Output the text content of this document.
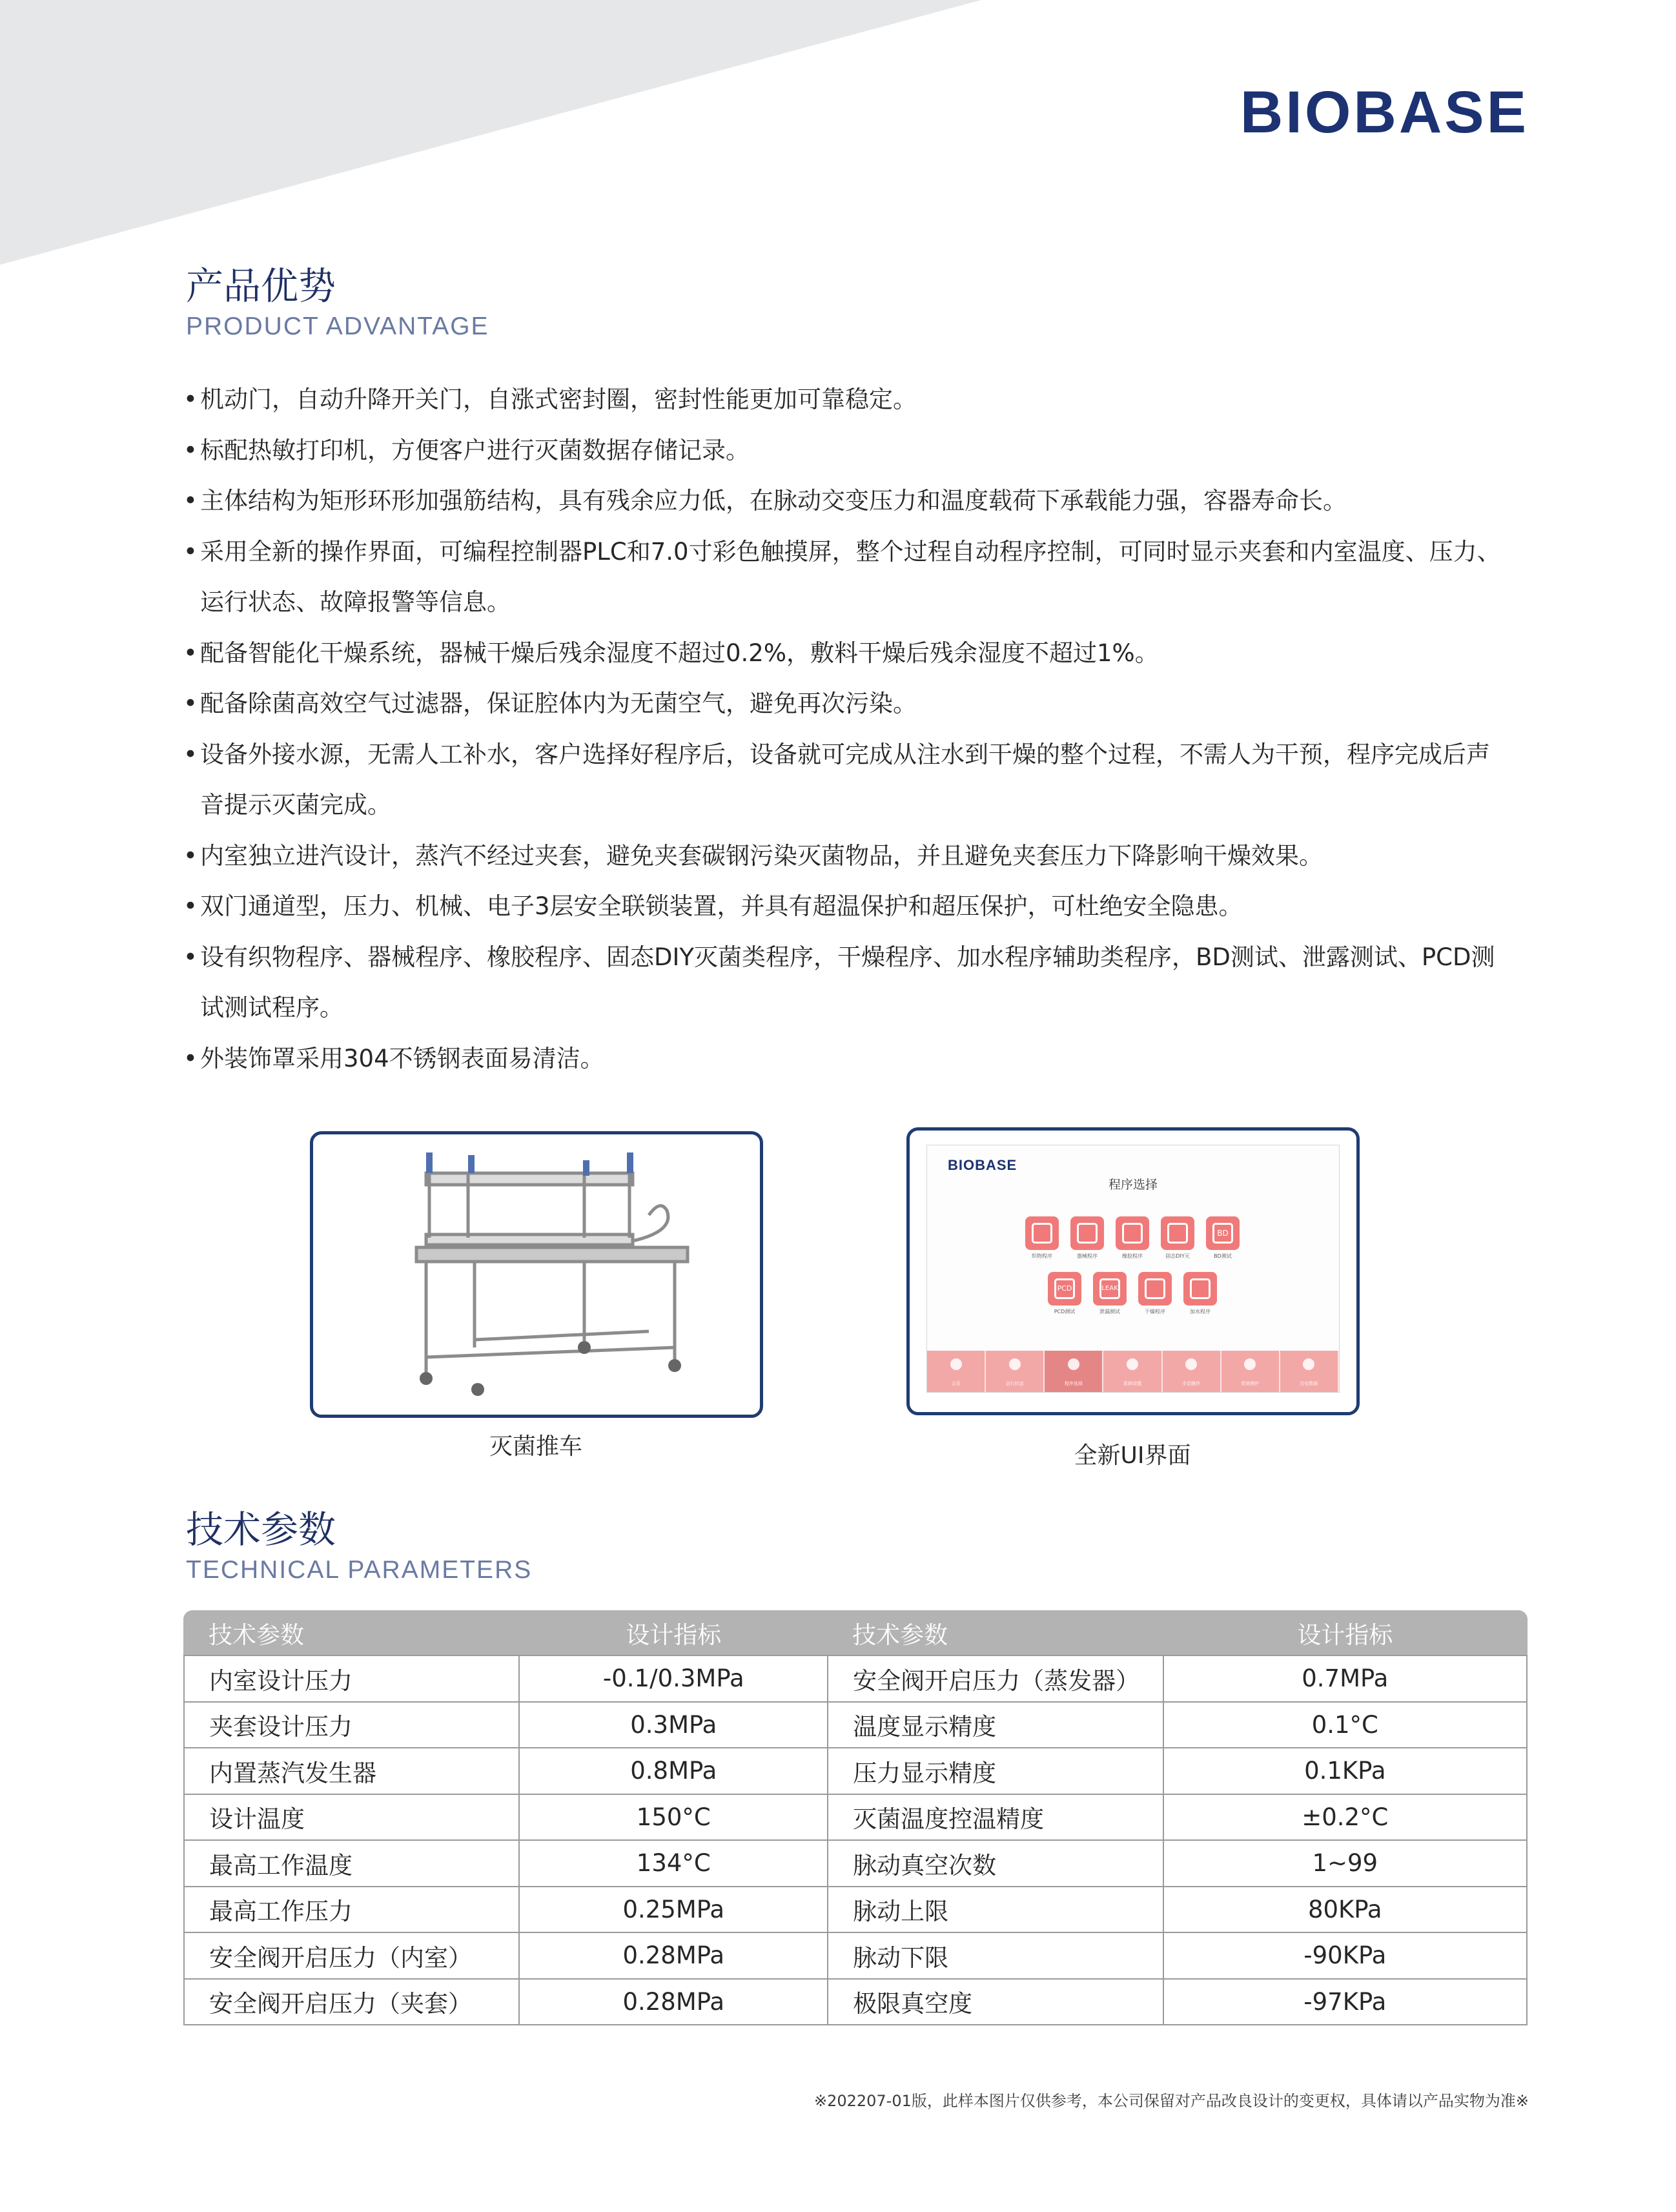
BIOBASE
产品优势
PRODUCT ADVANTAGE
• 机动门，自动升降开关门，自涨式密封圈，密封性能更加可靠稳定。
• 标配热敏打印机，方便客户进行灭菌数据存储记录。
• 主体结构为矩形环形加强筋结构，具有残余应力低，在脉动交变压力和温度载荷下承载能力强，容器寿命长。
• 采用全新的操作界面，可编程控制器PLC和7.0寸彩色触摸屏，整个过程自动程序控制，可同时显示夹套和内室温度、压力、运行状态、故障报警等信息。
• 配备智能化干燥系统，器械干燥后残余湿度不超过0.2%，敷料干燥后残余湿度不超过1%。
• 配备除菌高效空气过滤器，保证腔体内为无菌空气，避免再次污染。
• 设备外接水源，无需人工补水，客户选择好程序后，设备就可完成从注水到干燥的整个过程，不需人为干预，程序完成后声音提示灭菌完成。
• 内室独立进汽设计，蒸汽不经过夹套，避免夹套碳钢污染灭菌物品，并且避免夹套压力下降影响干燥效果。
• 双门通道型，压力、机械、电子3层安全联锁装置，并具有超温保护和超压保护，可杜绝安全隐患。
• 设有织物程序、器械程序、橡胶程序、固态DIY灭菌类程序，干燥程序、加水程序辅助类程序，BD测试、泄露测试、PCD测试测试程序。
• 外装饰罩采用304不锈钢表面易清洁。
灭菌推车
BIOBASE
程序选择
织物程序	器械程序	橡胶程序	固态DIY灭
BD
BD测试
PCD
PCD测试
LEAK
泄漏测试	干燥程序	加水程序
主页	运行状态	程序选择	系统设置	手动操作	系统维护	历史数据
全新UI界面
技术参数
TECHNICAL PARAMETERS
技术参数	设计指标	技术参数	设计指标
内室设计压力	-0.1/0.3MPa	安全阀开启压力（蒸发器）	0.7MPa
夹套设计压力	0.3MPa	温度显示精度	0.1°C
内置蒸汽发生器	0.8MPa	压力显示精度	0.1KPa
设计温度	150°C	灭菌温度控温精度	±0.2°C
最高工作温度	134°C	脉动真空次数	1~99
最高工作压力	0.25MPa	脉动上限	80KPa
安全阀开启压力（内室）	0.28MPa	脉动下限	-90KPa
安全阀开启压力（夹套）	0.28MPa	极限真空度	-97KPa
※202207-01版，此样本图片仅供参考，本公司保留对产品改良设计的变更权，具体请以产品实物为准※
